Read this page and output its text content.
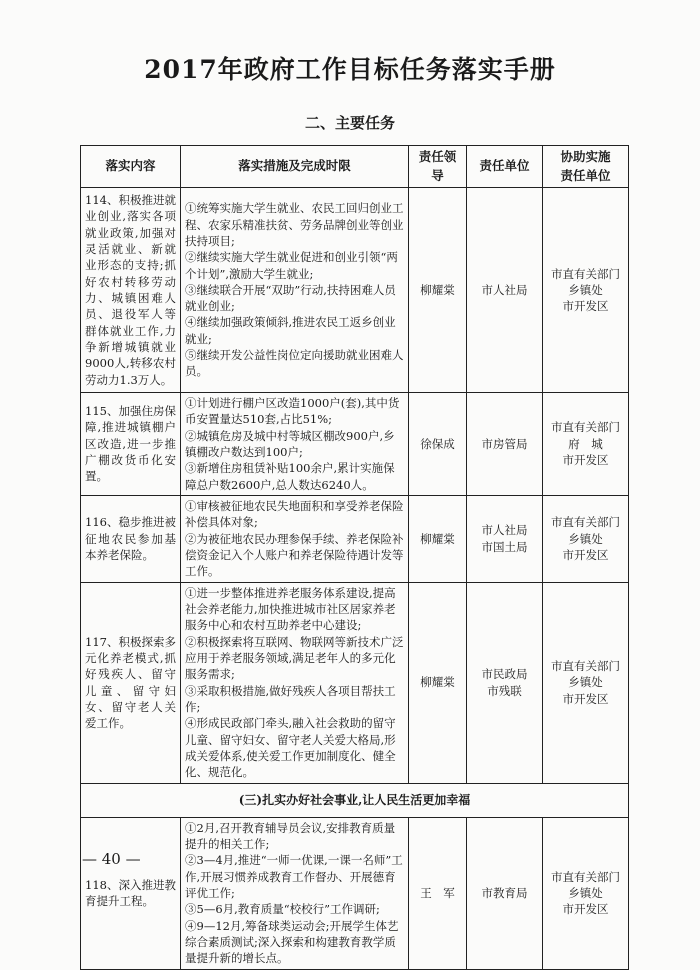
2017年政府工作目标任务落实手册
二、主要任务
落实内容	落实措施及完成时限	责任领导	责任单位	协助实施责任单位
114、积极推进就业创业,落实各项就业政策,加强对灵活就业、新就业形态的支持;抓好农村转移劳动力、城镇困难人员、退役军人等群体就业工作,力争新增城镇就业9000人,转移农村劳动力1.3万人。	①统筹实施大学生就业、农民工回归创业工程、农家乐精准扶贫、劳务品牌创业等创业扶持项目;
②继续实施大学生就业促进和创业引领“两个计划”,激励大学生就业;
③继续联合开展“双助”行动,扶持困难人员就业创业;
④继续加强政策倾斜,推进农民工返乡创业就业;
⑤继续开发公益性岗位定向援助就业困难人员。	柳耀棠	市人社局	市直有关部门
乡镇处
市开发区

115、加强住房保障,推进城镇棚户区改造,进一步推广棚改货币化安置。	①计划进行棚户区改造1000户(套),其中货币安置量达510套,占比51%;
②城镇危房及城中村等城区棚改900户,乡镇棚改户数达到100户;
③新增住房租赁补贴100余户,累计实施保障总户数2600户,总人数达6240人。	徐保成	市房管局	市直有关部门
府　城
市开发区

116、稳步推进被征地农民参加基本养老保险。	①审核被征地农民失地面积和享受养老保险补偿具体对象;
②为被征地农民办理参保手续、养老保险补偿资金记入个人账户和养老保险待遇计发等工作。	柳耀棠	市人社局
市国土局	市直有关部门
乡镇处
市开发区

117、积极探索多元化养老模式,抓好残疾人、留守儿童、留守妇女、留守老人关爱工作。	①进一步整体推进养老服务体系建设,提高社会养老能力,加快推进城市社区居家养老服务中心和农村互助养老中心建设;
②积极探索将互联网、物联网等新技术广泛应用于养老服务领域,满足老年人的多元化服务需求;
③采取积极措施,做好残疾人各项目帮扶工作;
④形成民政部门牵头,融入社会救助的留守儿童、留守妇女、留守老人关爱大格局,形成关爱体系,使关爱工作更加制度化、健全化、规范化。	柳耀棠	市民政局
市残联	市直有关部门
乡镇处
市开发区

(三)扎实办好社会事业,让人民生活更加幸福				
118、深入推进教育提升工程。	①2月,召开教育辅导员会议,安排教育质量提升的相关工作;
②3—4月,推进“一师一优课,一课一名师”工作,开展习惯养成教育工作督办、开展德育评优工作;
③5—6月,教育质量“校校行”工作调研;
④9—12月,筹备球类运动会;开展学生体艺综合素质测试;深入探索和构建教育教学质量提升新的增长点。	王　军	市教育局	市直有关部门
乡镇处
市开发区
— 40 —
